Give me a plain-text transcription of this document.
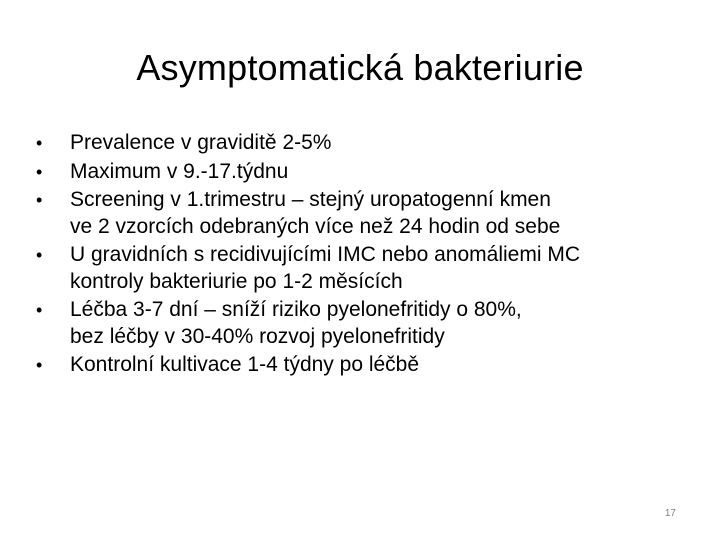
Asymptomatická bakteriurie
•	Prevalence v graviditě 2-5%
•	Maximum v 9.-17.týdnu
•	Screening v 1.trimestru – stejný uropatogenní kmen
ve 2 vzorcích odebraných více než 24 hodin od sebe
•	U gravidních s recidivujícími IMC nebo anomáliemi MC
kontroly bakteriurie po 1-2 měsících
•	Léčba 3-7 dní – sníží riziko pyelonefritidy o 80%,
bez léčby v 30-40% rozvoj pyelonefritidy
•	Kontrolní kultivace 1-4 týdny po léčbě
17
